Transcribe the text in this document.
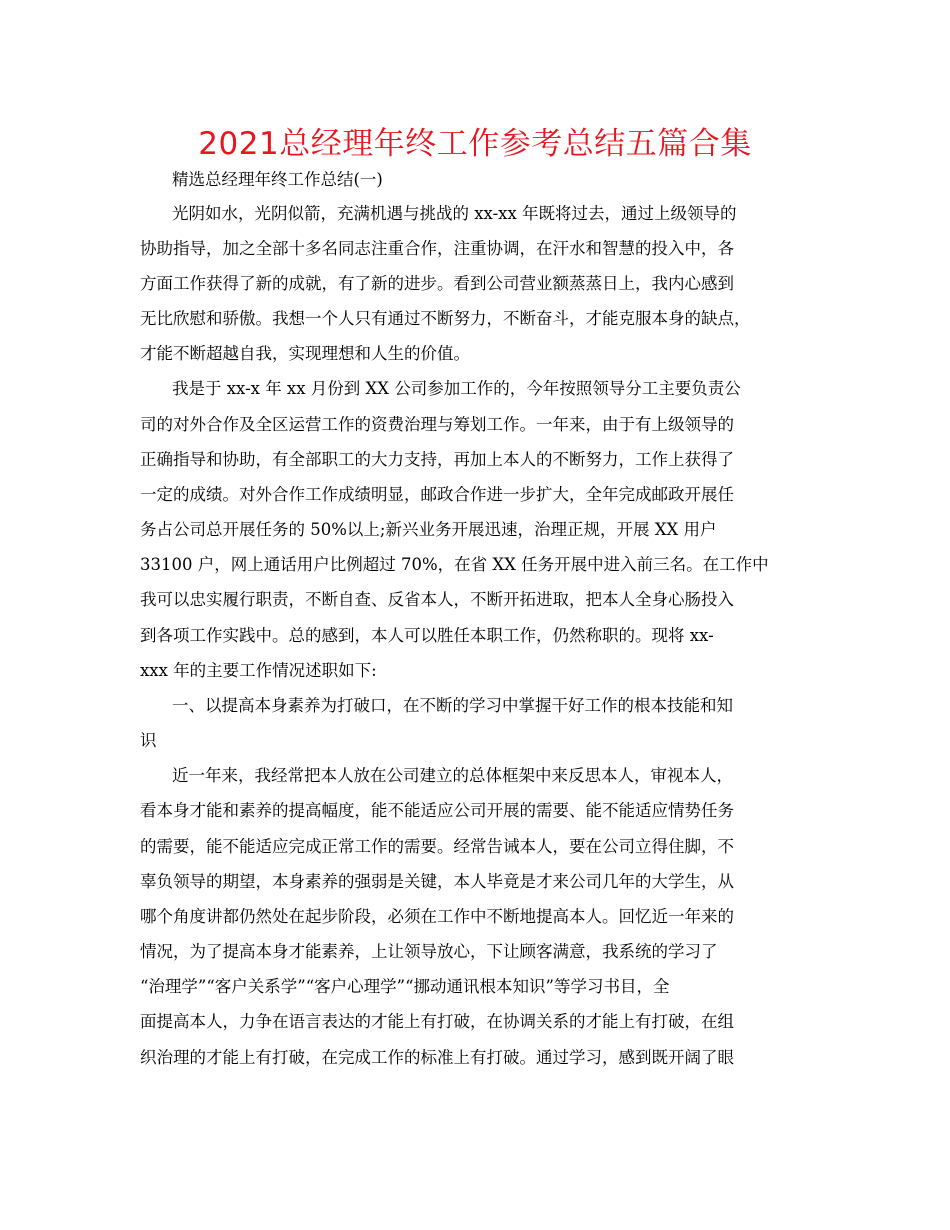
2021总经理年终工作参考总结五篇合集
精选总经理年终工作总结(一)
光阴如水，光阴似箭，充满机遇与挑战的 xx-xx 年既将过去，通过上级领导的
协助指导，加之全部十多名同志注重合作，注重协调，在汗水和智慧的投入中，各
方面工作获得了新的成就，有了新的进步。看到公司营业额蒸蒸日上，我内心感到
无比欣慰和骄傲。我想一个人只有通过不断努力，不断奋斗，才能克服本身的缺点，
才能不断超越自我，实现理想和人生的价值。
我是于 xx-x 年 xx 月份到 XX 公司参加工作的，今年按照领导分工主要负责公
司的对外合作及全区运营工作的资费治理与筹划工作。一年来，由于有上级领导的
正确指导和协助，有全部职工的大力支持，再加上本人的不断努力，工作上获得了
一定的成绩。对外合作工作成绩明显，邮政合作进一步扩大，全年完成邮政开展任
务占公司总开展任务的 50%以上;新兴业务开展迅速，治理正规，开展 XX 用户
33100 户，网上通话用户比例超过 70%，在省 XX 任务开展中进入前三名。在工作中
我可以忠实履行职责，不断自查、反省本人，不断开拓进取，把本人全身心肠投入
到各项工作实践中。总的感到，本人可以胜任本职工作，仍然称职的。现将 xx-
xxx 年的主要工作情况述职如下:
一、以提高本身素养为打破口，在不断的学习中掌握干好工作的根本技能和知
识
近一年来，我经常把本人放在公司建立的总体框架中来反思本人，审视本人，
看本身才能和素养的提高幅度，能不能适应公司开展的需要、能不能适应情势任务
的需要，能不能适应完成正常工作的需要。经常告诫本人，要在公司立得住脚，不
辜负领导的期望，本身素养的强弱是关键，本人毕竟是才来公司几年的大学生，从
哪个角度讲都仍然处在起步阶段，必须在工作中不断地提高本人。回忆近一年来的
情况，为了提高本身才能素养，上让领导放心，下让顾客满意，我系统的学习了
“治理学”“客户关系学”“客户心理学”“挪动通讯根本知识”等学习书目，全
面提高本人，力争在语言表达的才能上有打破，在协调关系的才能上有打破，在组
织治理的才能上有打破，在完成工作的标准上有打破。通过学习，感到既开阔了眼
